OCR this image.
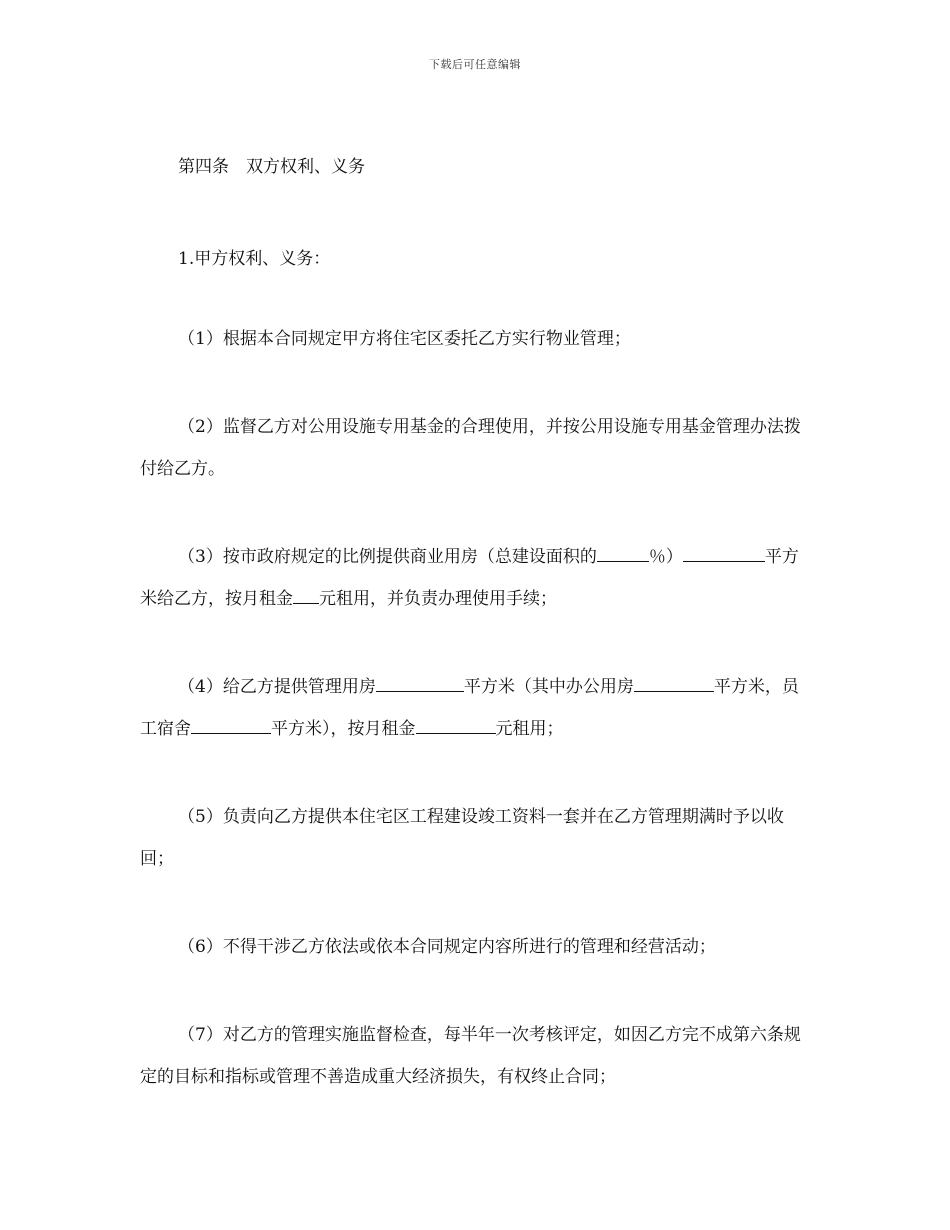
下载后可任意编辑

第四条　双方权利、义务

1.甲方权利、义务：

（1）根据本合同规定甲方将住宅区委托乙方实行物业管理；

（2）监督乙方对公用设施专用基金的合理使用，并按公用设施专用基金管理办法拨付给乙方。

（3）按市政府规定的比例提供商业用房（总建设面积的	％）	平方米给乙方，按月租金 元租用，并负责办理使用手续；

（4）给乙方提供管理用房	平方米（其中办公用房	平方米，员工宿舍	平方米），按月租金	元租用；

（5）负责向乙方提供本住宅区工程建设竣工资料一套并在乙方管理期满时予以收回；

（6）不得干涉乙方依法或依本合同规定内容所进行的管理和经营活动；

（7）对乙方的管理实施监督检查，每半年一次考核评定，如因乙方完不成第六条规定的目标和指标或管理不善造成重大经济损失，有权终止合同；
